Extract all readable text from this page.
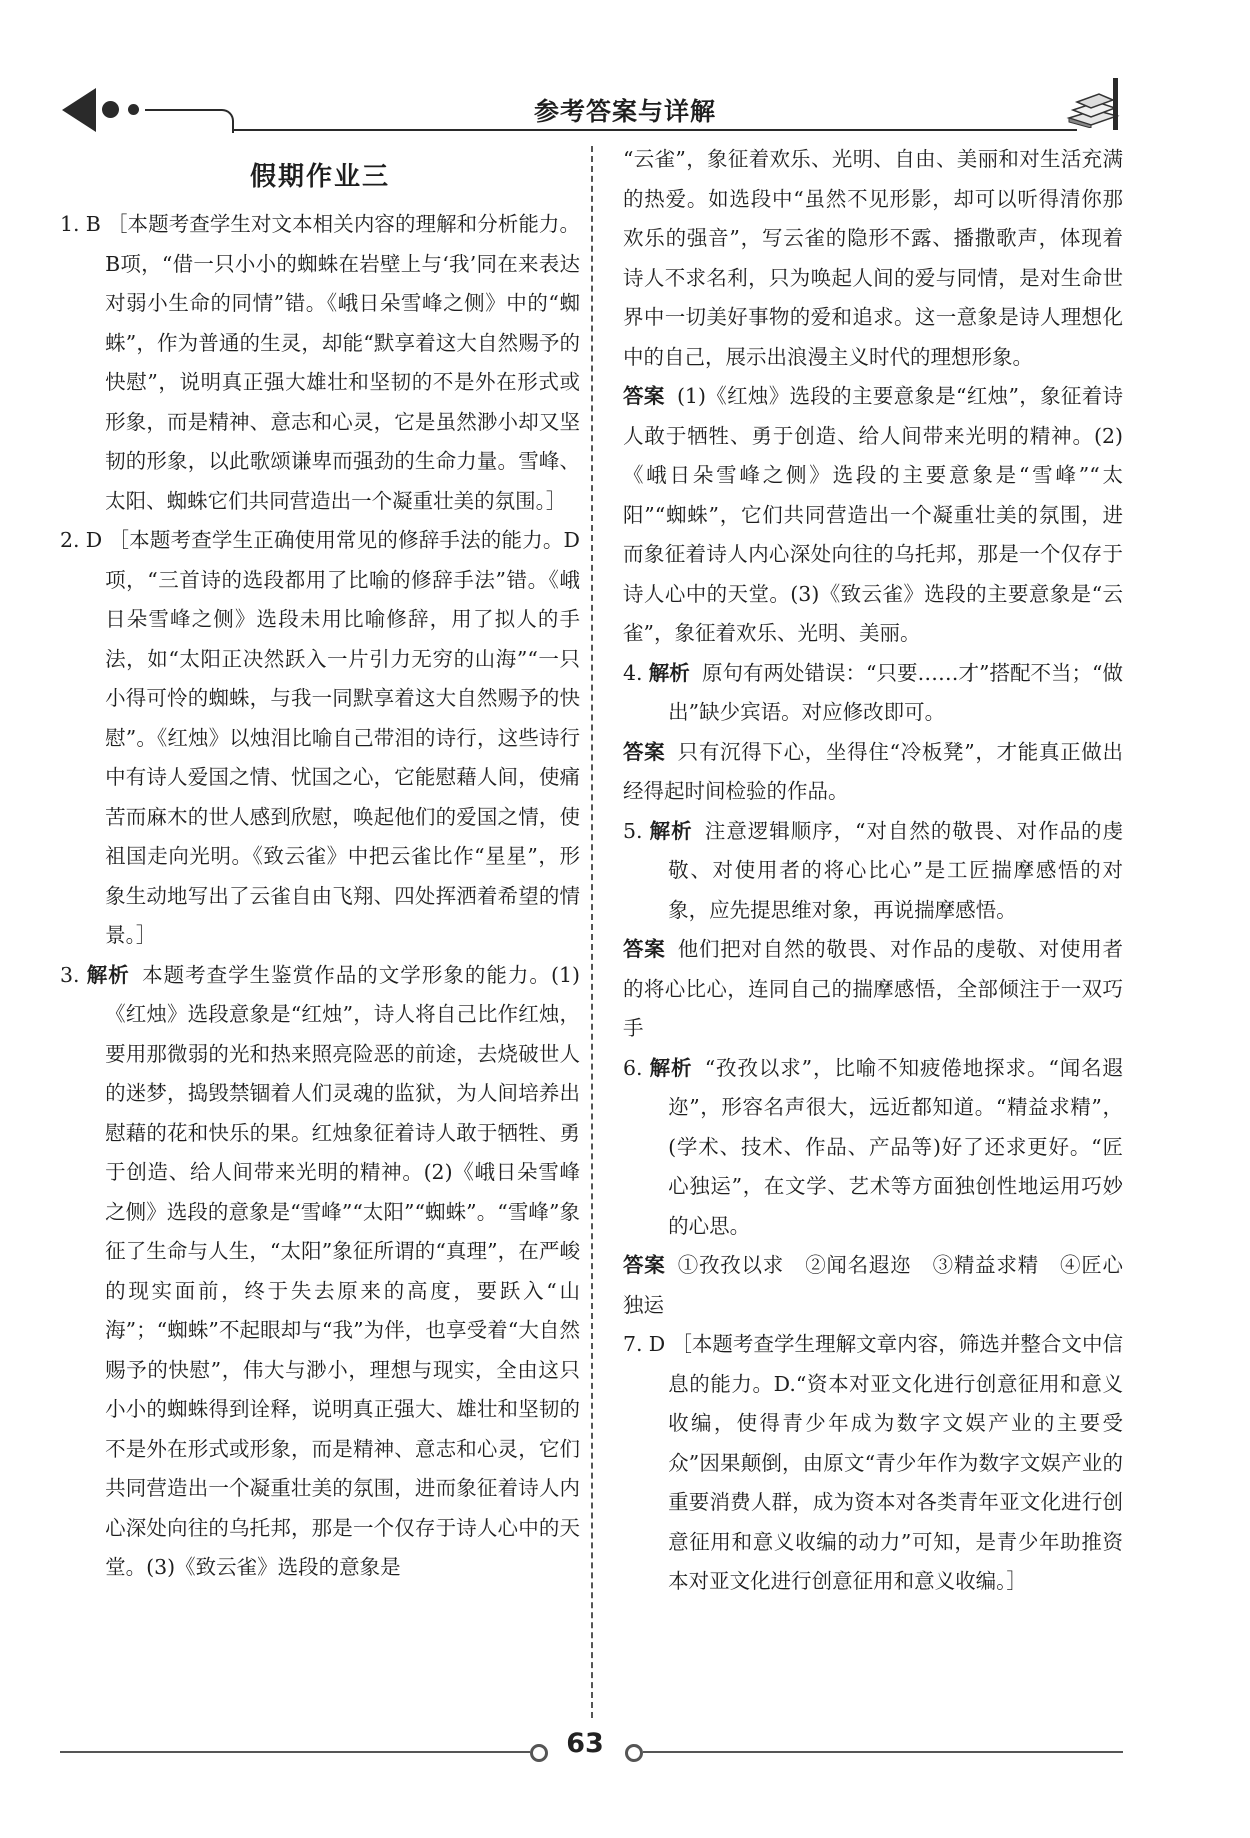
参考答案与详解
假期作业三
1. B ［本题考查学生对文本相关内容的理解和分析能力。B项，“借一只小小的蜘蛛在岩壁上与‘我’同在来表达对弱小生命的同情”错。《峨日朵雪峰之侧》中的“蜘蛛”，作为普通的生灵，却能“默享着这大自然赐予的快慰”，说明真正强大雄壮和坚韧的不是外在形式或形象，而是精神、意志和心灵，它是虽然渺小却又坚韧的形象，以此歌颂谦卑而强劲的生命力量。雪峰、太阳、蜘蛛它们共同营造出一个凝重壮美的氛围。］
2. D ［本题考查学生正确使用常见的修辞手法的能力。D项，“三首诗的选段都用了比喻的修辞手法”错。《峨日朵雪峰之侧》选段未用比喻修辞，用了拟人的手法，如“太阳正决然跃入一片引力无穷的山海”“一只小得可怜的蜘蛛，与我一同默享着这大自然赐予的快慰”。《红烛》以烛泪比喻自己带泪的诗行，这些诗行中有诗人爱国之情、忧国之心，它能慰藉人间，使痛苦而麻木的世人感到欣慰，唤起他们的爱国之情，使祖国走向光明。《致云雀》中把云雀比作“星星”，形象生动地写出了云雀自由飞翔、四处挥洒着希望的情景。］
3. 解析 本题考查学生鉴赏作品的文学形象的能力。(1)《红烛》选段意象是“红烛”，诗人将自己比作红烛，要用那微弱的光和热来照亮险恶的前途，去烧破世人的迷梦，捣毁禁锢着人们灵魂的监狱，为人间培养出慰藉的花和快乐的果。红烛象征着诗人敢于牺牲、勇于创造、给人间带来光明的精神。(2)《峨日朵雪峰之侧》选段的意象是“雪峰”“太阳”“蜘蛛”。“雪峰”象征了生命与人生，“太阳”象征所谓的“真理”，在严峻的现实面前，终于失去原来的高度，要跃入“山海”；“蜘蛛”不起眼却与“我”为伴，也享受着“大自然赐予的快慰”，伟大与渺小，理想与现实，全由这只小小的蜘蛛得到诠释，说明真正强大、雄壮和坚韧的不是外在形式或形象，而是精神、意志和心灵，它们共同营造出一个凝重壮美的氛围，进而象征着诗人内心深处向往的乌托邦，那是一个仅存于诗人心中的天堂。(3)《致云雀》选段的意象是
“云雀”，象征着欢乐、光明、自由、美丽和对生活充满的热爱。如选段中“虽然不见形影，却可以听得清你那欢乐的强音”，写云雀的隐形不露、播撒歌声，体现着诗人不求名利，只为唤起人间的爱与同情，是对生命世界中一切美好事物的爱和追求。这一意象是诗人理想化中的自己，展示出浪漫主义时代的理想形象。
答案 (1)《红烛》选段的主要意象是“红烛”，象征着诗人敢于牺牲、勇于创造、给人间带来光明的精神。(2)《峨日朵雪峰之侧》选段的主要意象是“雪峰”“太阳”“蜘蛛”，它们共同营造出一个凝重壮美的氛围，进而象征着诗人内心深处向往的乌托邦，那是一个仅存于诗人心中的天堂。(3)《致云雀》选段的主要意象是“云雀”，象征着欢乐、光明、美丽。
4. 解析 原句有两处错误：“只要……才”搭配不当；“做出”缺少宾语。对应修改即可。
答案 只有沉得下心，坐得住“冷板凳”，才能真正做出经得起时间检验的作品。
5. 解析 注意逻辑顺序，“对自然的敬畏、对作品的虔敬、对使用者的将心比心”是工匠揣摩感悟的对象，应先提思维对象，再说揣摩感悟。
答案 他们把对自然的敬畏、对作品的虔敬、对使用者的将心比心，连同自己的揣摩感悟，全部倾注于一双巧手
6. 解析 “孜孜以求”，比喻不知疲倦地探求。“闻名遐迩”，形容名声很大，远近都知道。“精益求精”，(学术、技术、作品、产品等)好了还求更好。“匠心独运”，在文学、艺术等方面独创性地运用巧妙的心思。
答案 ①孜孜以求　②闻名遐迩　③精益求精　④匠心独运
7. D ［本题考查学生理解文章内容，筛选并整合文中信息的能力。D.“资本对亚文化进行创意征用和意义收编，使得青少年成为数字文娱产业的主要受众”因果颠倒，由原文“青少年作为数字文娱产业的重要消费人群，成为资本对各类青年亚文化进行创意征用和意义收编的动力”可知，是青少年助推资本对亚文化进行创意征用和意义收编。］
63
